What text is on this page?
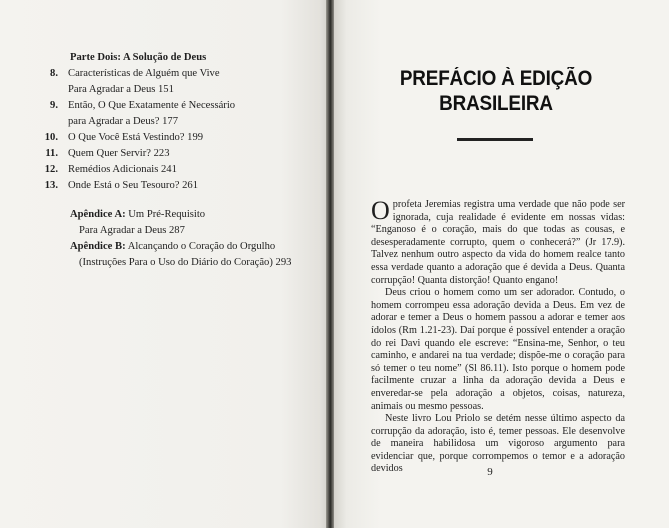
Parte Dois: A Solução de Deus
8. Características de Alguém que Vive
Para Agradar a Deus 151
9. Então, O Que Exatamente é Necessário
para Agradar a Deus? 177
10. O Que Você Está Vestindo? 199
11. Quem Quer Servir? 223
12. Remédios Adicionais 241
13. Onde Está o Seu Tesouro? 261
Apêndice A: Um Pré-Requisito
Para Agradar a Deus 287
Apêndice B: Alcançando o Coração do Orgulho
(Instruções Para o Uso do Diário do Coração) 293
PREFÁCIO À EDIÇÃO
BRASILEIRA

O profeta Jeremias registra uma verdade que não pode ser ignorada, cuja realidade é evidente em nossas vidas: “Enganoso é o coração, mais do que todas as cousas, e desesperadamente corrupto, quem o conhecerá?” (Jr 17.9). Talvez nenhum outro aspecto da vida do homem realce tanto essa verdade quanto a adoração que é devida a Deus. Quanta corrupção! Quanta distorção! Quanto engano!

Deus criou o homem como um ser adorador. Contudo, o homem corrompeu essa adoração devida a Deus. Em vez de adorar e temer a Deus o homem passou a adorar e temer aos ídolos (Rm 1.21-23). Daí porque é possível entender a oração do rei Davi quando ele escreve: “Ensina-me, Senhor, o teu caminho, e andarei na tua verdade; dispõe-me o coração para só temer o teu nome” (Sl 86.11). Isto porque o homem pode facilmente cruzar a linha da adoração devida a Deus e enveredar-se pela adoração a objetos, coisas, natureza, animais ou mesmo pessoas.

Neste livro Lou Priolo se detém nesse último aspecto da corrupção da adoração, isto é, temer pessoas. Ele desenvolve de maneira habilidosa um vigoroso argumento para evidenciar que, porque corrompemos o temor e a adoração devidos	9
